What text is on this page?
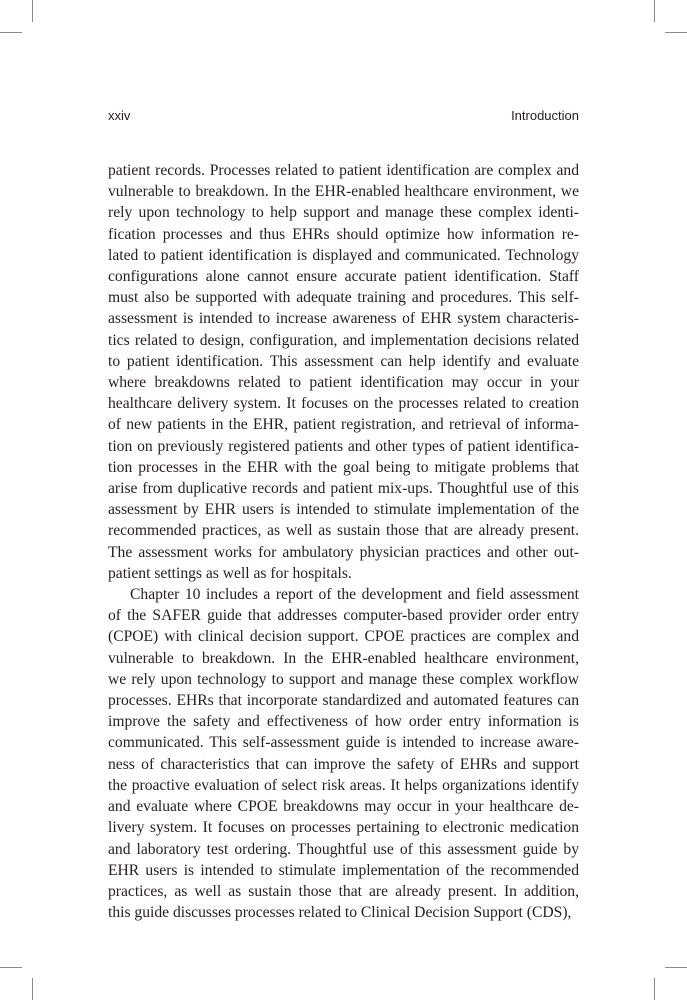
xxiv	Introduction

patient records. Processes related to patient identification are complex and
vulnerable to breakdown. In the EHR-enabled healthcare environment, we
rely upon technology to help support and manage these complex identi-
fication processes and thus EHRs should optimize how information re-
lated to patient identification is displayed and communicated. Technology
configurations alone cannot ensure accurate patient identification. Staff
must also be supported with adequate training and procedures. This self-
assessment is intended to increase awareness of EHR system characteris-
tics related to design, configuration, and implementation decisions related
to patient identification. This assessment can help identify and evaluate
where breakdowns related to patient identification may occur in your
healthcare delivery system. It focuses on the processes related to creation
of new patients in the EHR, patient registration, and retrieval of informa-
tion on previously registered patients and other types of patient identifica-
tion processes in the EHR with the goal being to mitigate problems that
arise from duplicative records and patient mix-ups. Thoughtful use of this
assessment by EHR users is intended to stimulate implementation of the
recommended practices, as well as sustain those that are already present.
The assessment works for ambulatory physician practices and other out-
patient settings as well as for hospitals.

Chapter 10 includes a report of the development and field assessment
of the SAFER guide that addresses computer-based provider order entry
(CPOE) with clinical decision support. CPOE practices are complex and
vulnerable to breakdown. In the EHR-enabled healthcare environment,
we rely upon technology to support and manage these complex workflow
processes. EHRs that incorporate standardized and automated features can
improve the safety and effectiveness of how order entry information is
communicated. This self-assessment guide is intended to increase aware-
ness of characteristics that can improve the safety of EHRs and support
the proactive evaluation of select risk areas. It helps organizations identify
and evaluate where CPOE breakdowns may occur in your healthcare de-
livery system. It focuses on processes pertaining to electronic medication
and laboratory test ordering. Thoughtful use of this assessment guide by
EHR users is intended to stimulate implementation of the recommended
practices, as well as sustain those that are already present. In addition,
this guide discusses processes related to Clinical Decision Support (CDS),
